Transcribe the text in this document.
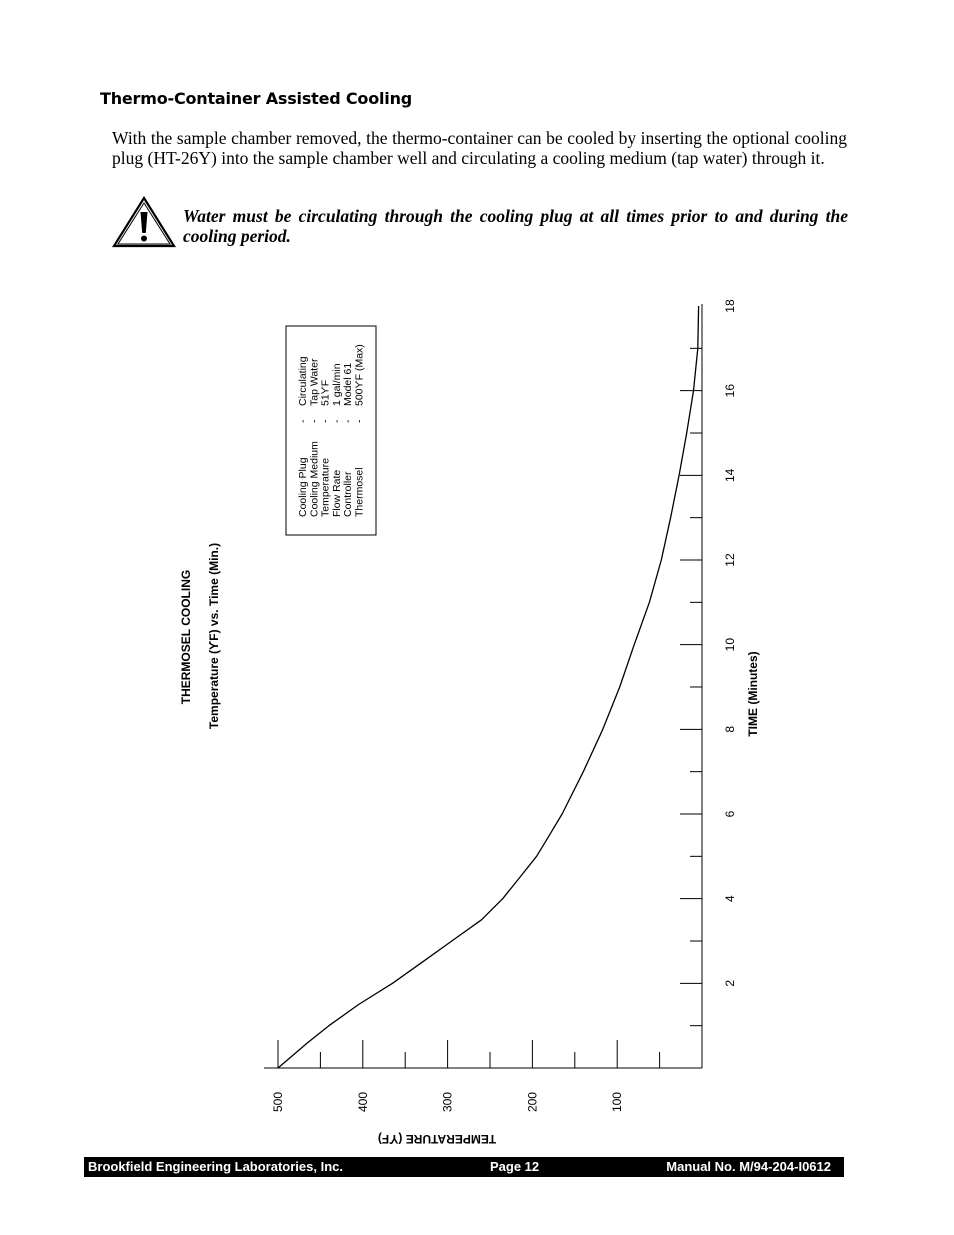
Thermo-Container Assisted Cooling
With the sample chamber removed, the thermo-container can be cooled by inserting the optional cooling plug (HT-26Y) into the sample chamber well and circulating a cooling medium (tap water) through it.
Water must be circulating through the cooling plug at all times prior to and during the cooling period.
2
4
6
8
10
12
14
16
18
500	400	300	200	100
TIME (Minutes)
TEMPERATURE (ϒF)
THERMOSEL COOLING Temperature (ϒF) vs. Time (Min.)
Cooling Plug
-
Circulating
Cooling Medium
-
Tap Water
Temperature
-
51ϒF
Flow Rate
-
1 gal/min
Controller
-
Model 61
Thermosel
-
500ϒF (Max)
Brookfield Engineering Laboratories, Inc.	Page 12	Manual No. M/94-204-I0612
